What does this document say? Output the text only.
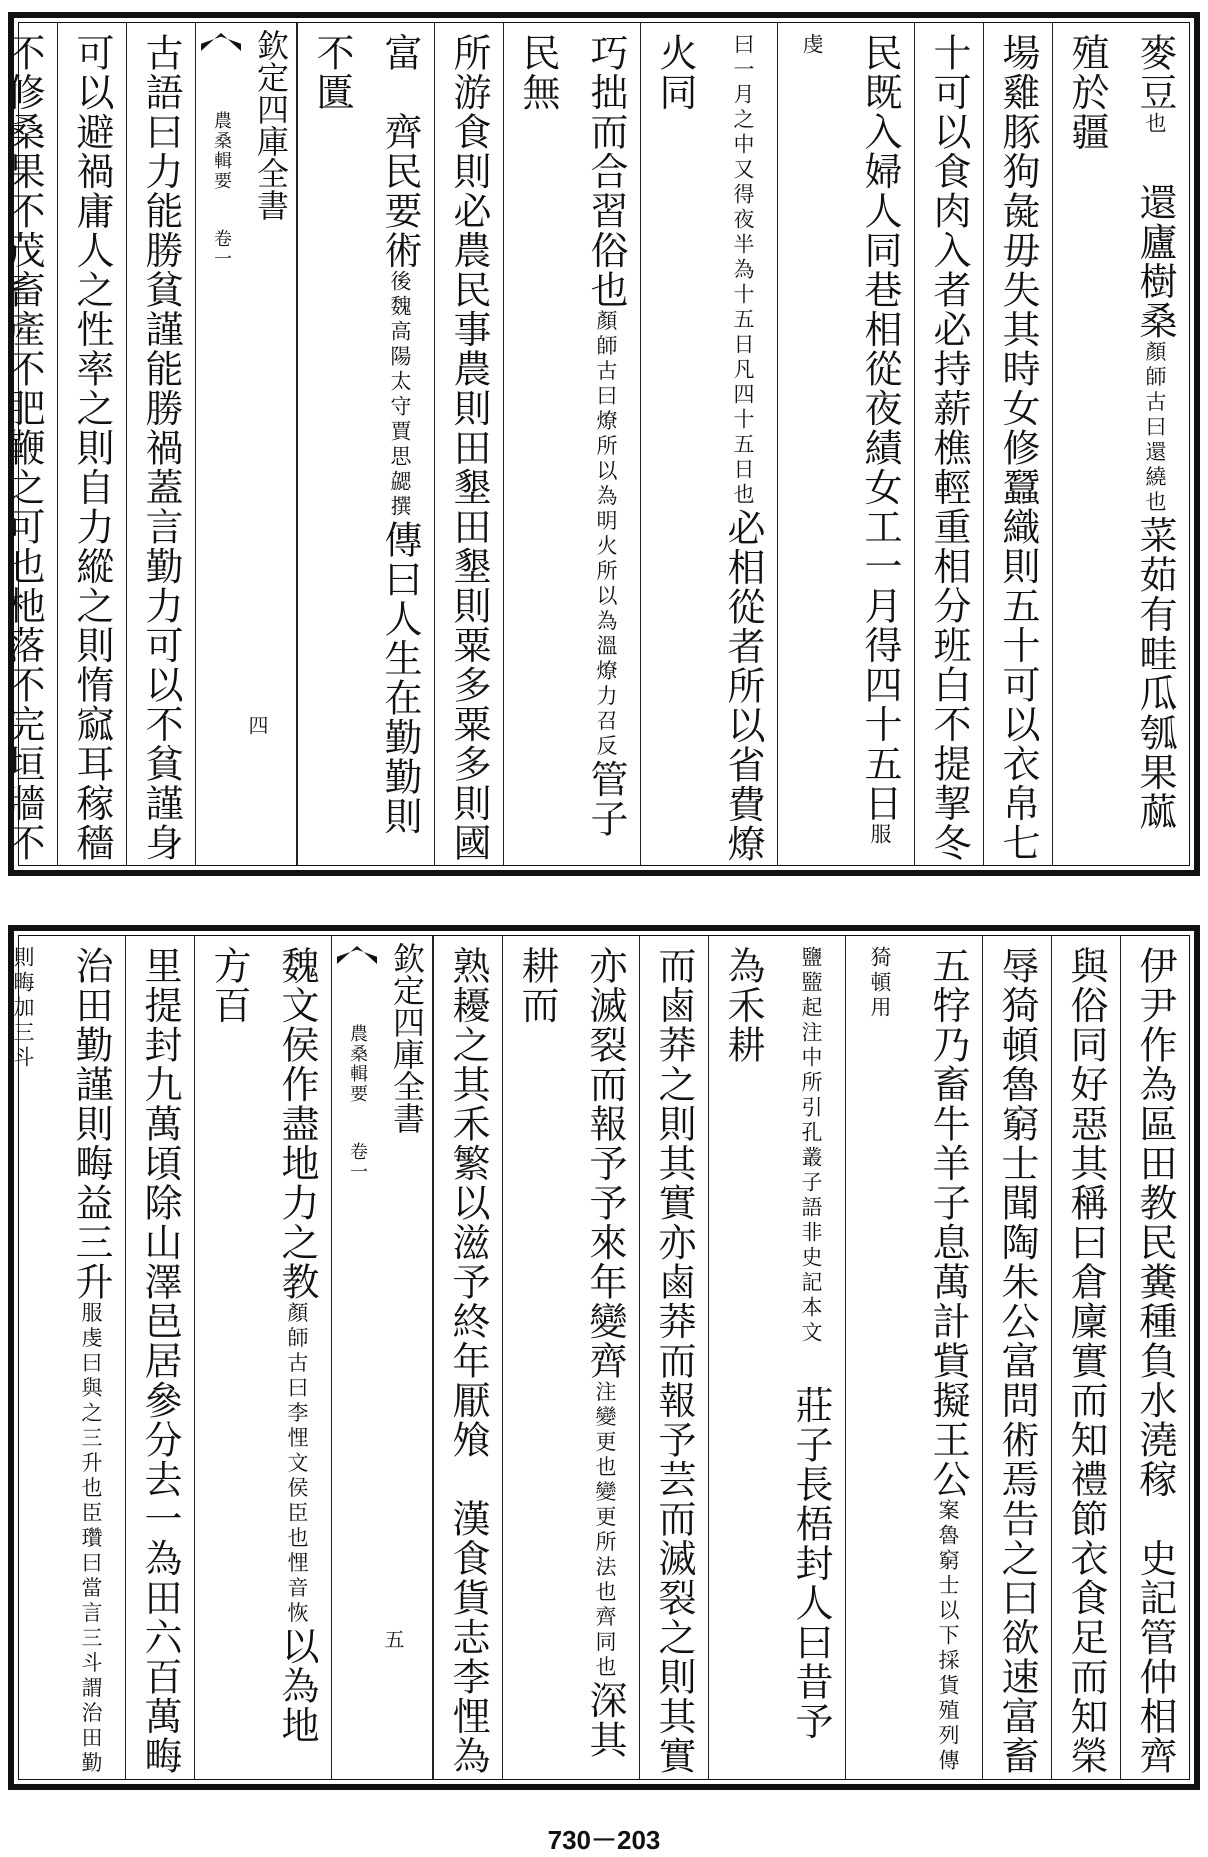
麥豆也 還廬樹桑顏師古曰還繞也菜茹有畦瓜瓠果蓏殖於疆
場雞豚狗彘毋失其時女修蠶織則五十可以衣帛七
十可以食肉入者必持薪樵輕重相分班白不提挈冬
民既入婦人同巷相從夜績女工一月得四十五日服虔
曰一月之中又得夜半為十五日凡四十五日也必相從者所以省費燎火同
巧拙而合習俗也顏師古曰燎所以為明火所以為溫燎力召反管子民無
所游食則必農民事農則田墾田墾則粟多粟多則國
富　齊民要術後魏高陽太守賈思勰撰傳曰人生在勤勤則不匱
欽定四庫全書
農桑輯要 卷一
四
古語曰力能勝貧謹能勝禍蓋言勤力可以不貧謹身
可以避禍庸人之性率之則自力縱之則惰窳耳稼穡
不修桑果不茂畜產不肥鞭之可也杝落不完垣牆不

伊尹作為區田教民糞種負水澆稼　史記管仲相齊
與俗同好惡其稱曰倉廩實而知禮節衣食足而知榮
辱猗頓魯窮士聞陶朱公富問術焉告之曰欲速富畜
五牸乃畜牛羊子息萬計貲擬王公案魯窮士以下採貨殖列傳猗頓用
鹽盬起注中所引孔叢子語非史記本文　莊子長梧封人曰昔予為禾耕
而鹵莽之則其實亦鹵莽而報予芸而滅裂之則其實
亦滅裂而報予予來年變齊注變更也變更所法也齊同也深其耕而
熟耰之其禾繁以滋予終年厭飧　漢食貨志李悝為
欽定四庫全書
農桑輯要 卷一
五
魏文侯作盡地力之教顏師古曰李悝文侯臣也悝音恢以為地方百
里提封九萬頃除山澤邑居參分去一為田六百萬畮
治田勤謹則畮益三升服虔曰與之三升也臣瓚曰當言三斗謂治田勤則畮加三斗
730－203
